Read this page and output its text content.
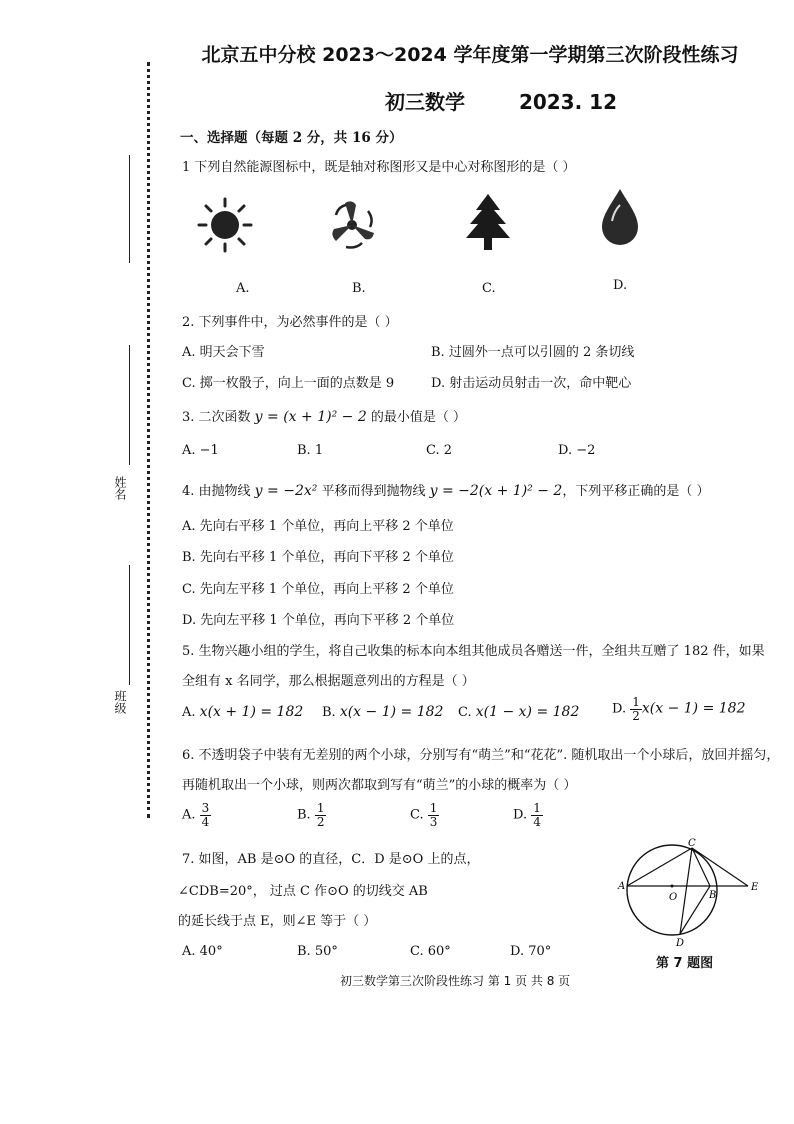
北京五中分校 2023～2024 学年度第一学期第三次阶段性练习
初三数学	2023. 12
姓名
班级
一、选择题（每题 2 分，共 16 分）
1 下列自然能源图标中，既是轴对称图形又是中心对称图形的是（ ）
A.	B.	C.	D.
2. 下列事件中，为必然事件的是（ ）
A. 明天会下雪	B. 过圆外一点可以引圆的 2 条切线
C. 掷一枚骰子，向上一面的点数是 9	D. 射击运动员射击一次，命中靶心
3. 二次函数 y = (x + 1)² − 2 的最小值是（ ）
A. −1	B. 1	C. 2	D. −2
4. 由抛物线 y = −2x² 平移而得到抛物线 y = −2(x + 1)² − 2，下列平移正确的是（ ）
A. 先向右平移 1 个单位，再向上平移 2 个单位
B. 先向右平移 1 个单位，再向下平移 2 个单位
C. 先向左平移 1 个单位，再向上平移 2 个单位
D. 先向左平移 1 个单位，再向下平移 2 个单位
5. 生物兴趣小组的学生，将自己收集的标本向本组其他成员各赠送一件，全组共互赠了 182 件，如果
全组有 x 名同学，那么根据题意列出的方程是（ ）
A. x(x + 1) = 182 B. x(x − 1) = 182 C. x(1 − x) = 182	D. $\frac{1}{2} x(x - 1) = 182$
6. 不透明袋子中装有无差别的两个小球，分别写有“萌兰”和“花花”. 随机取出一个小球后，放回并摇匀，
再随机取出一个小球，则两次都取到写有“萌兰”的小球的概率为（ ）
A. $\frac{3}{4}$	B. $\frac{1}{2}$	C. $\frac{1}{3}$	D. $\frac{1}{4}$
7. 如图，AB 是⊙O 的直径，C．D 是⊙O 上的点，
∠CDB=20°， 过点 C 作⊙O 的切线交 AB
的延长线于点 E，则∠E 等于（ ）
A. 40°	B. 50°	C. 60°	D. 70°
C
A
O	B
E
D
第 7 题图
初三数学第三次阶段性练习 第 1 页 共 8 页
